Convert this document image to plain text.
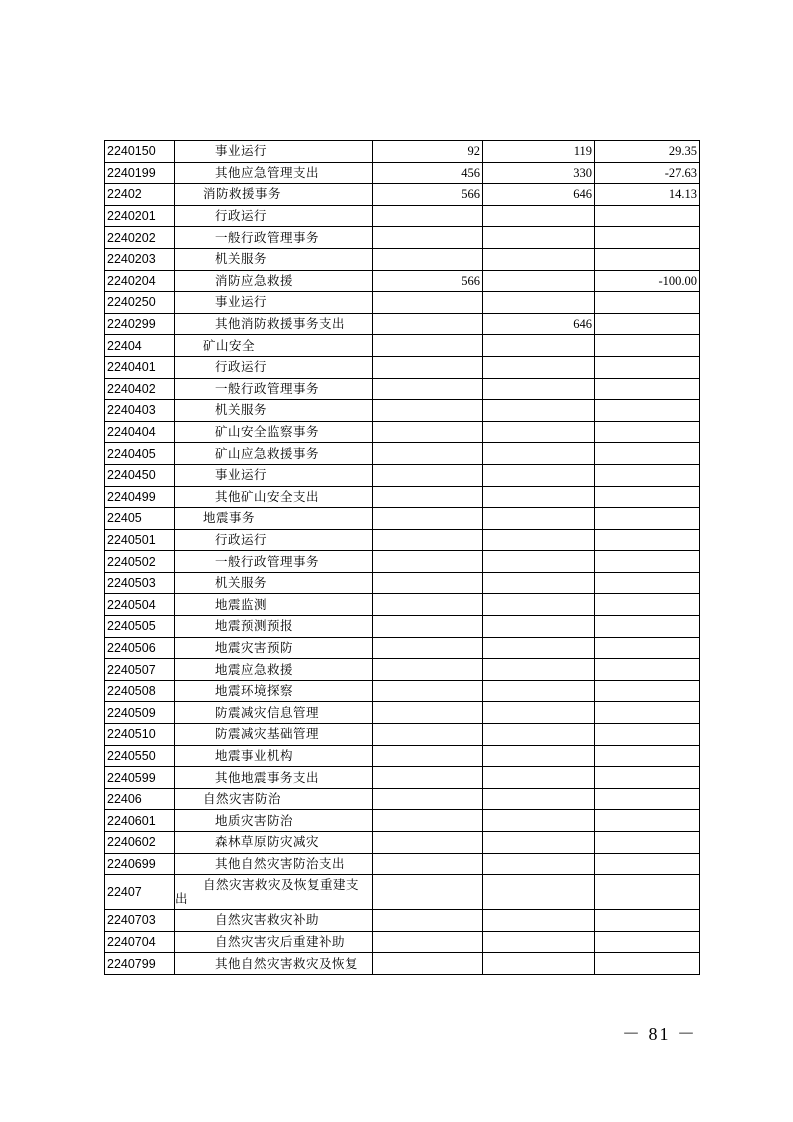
2240150	事业运行	92	119	29.35
2240199	其他应急管理支出	456	330	-27.63
22402	消防救援事务	566	646	14.13
2240201	行政运行			
2240202	一般行政管理事务			
2240203	机关服务			
2240204	消防应急救援	566		-100.00
2240250	事业运行			
2240299	其他消防救援事务支出		646	
22404	矿山安全			
2240401	行政运行			
2240402	一般行政管理事务			
2240403	机关服务			
2240404	矿山安全监察事务			
2240405	矿山应急救援事务			
2240450	事业运行			
2240499	其他矿山安全支出			
22405	地震事务			
2240501	行政运行			
2240502	一般行政管理事务			
2240503	机关服务			
2240504	地震监测			
2240505	地震预测预报			
2240506	地震灾害预防			
2240507	地震应急救援			
2240508	地震环境探察			
2240509	防震减灾信息管理			
2240510	防震减灾基础管理			
2240550	地震事业机构			
2240599	其他地震事务支出			
22406	自然灾害防治			
2240601	地质灾害防治			
2240602	森林草原防灾减灾			
2240699	其他自然灾害防治支出			
22407	自然灾害救灾及恢复重建支出			

2240703	自然灾害救灾补助			
2240704	自然灾害灾后重建补助			
2240799	其他自然灾害救灾及恢复			
－ 81 －
